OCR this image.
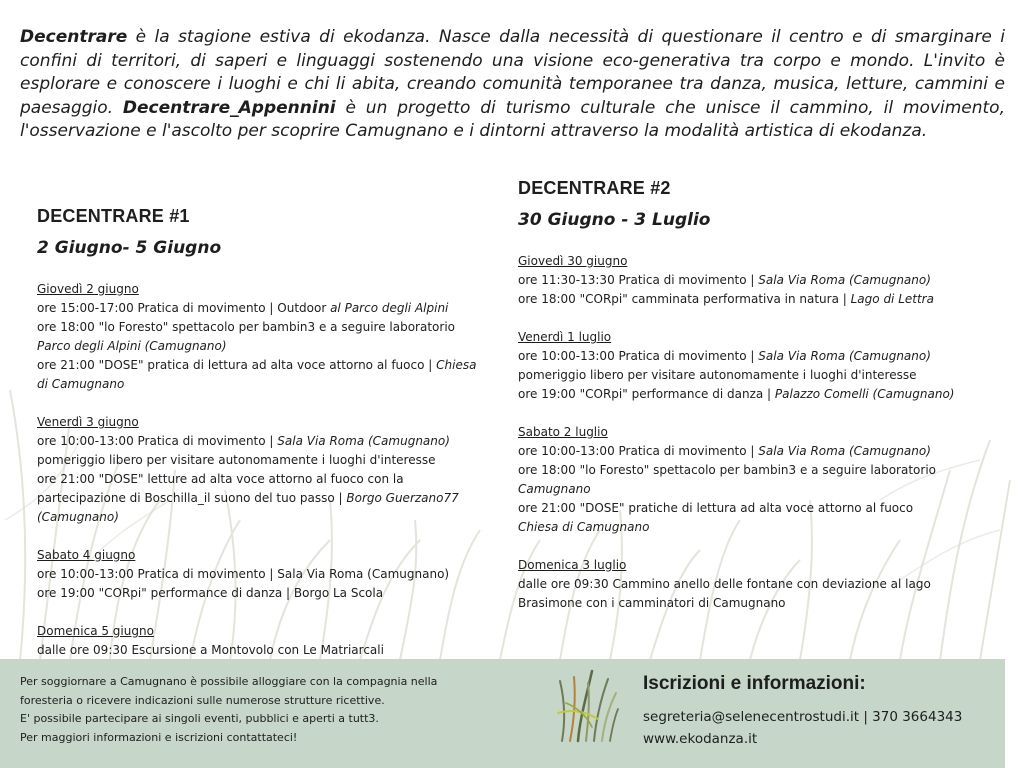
Decentrare è la stagione estiva di ekodanza. Nasce dalla necessità di questionare il centro e di smarginare i confini di territori, di saperi e linguaggi sostenendo una visione eco-generativa tra corpo e mondo. L'invito è esplorare e conoscere i luoghi e chi li abita, creando comunità temporanee tra danza, musica, letture, cammini e paesaggio. Decentrare_Appennini è un progetto di turismo culturale che unisce il cammino, il movimento, l'osservazione e l'ascolto per scoprire Camugnano e i dintorni attraverso la modalità artistica di ekodanza.

DECENTRARE #1
2 Giugno- 5 Giugno
Giovedì 2 giugno
ore 15:00-17:00 Pratica di movimento | Outdoor al Parco degli Alpini
ore 18:00 "lo Foresto" spettacolo per bambin3 e a seguire laboratorio
Parco degli Alpini (Camugnano)
ore 21:00 "DOSE" pratica di lettura ad alta voce attorno al fuoco | Chiesa
di Camugnano
Venerdì 3 giugno
ore 10:00-13:00 Pratica di movimento | Sala Via Roma (Camugnano)
pomeriggio libero per visitare autonomamente i luoghi d'interesse
ore 21:00 "DOSE" letture ad alta voce attorno al fuoco con la
partecipazione di Boschilla_il suono del tuo passo | Borgo Guerzano77
(Camugnano)
Sabato 4 giugno
ore 10:00-13:00 Pratica di movimento | Sala Via Roma (Camugnano)
ore 19:00 "CORpi" performance di danza | Borgo La Scola
Domenica 5 giugno
dalle ore 09:30 Escursione a Montovolo con Le Matriarcali
DECENTRARE #2
30 Giugno - 3 Luglio
Giovedì 30 giugno
ore 11:30-13:30 Pratica di movimento | Sala Via Roma (Camugnano)
ore 18:00 "CORpi" camminata performativa in natura | Lago di Lettra
Venerdì 1 luglio
ore 10:00-13:00 Pratica di movimento | Sala Via Roma (Camugnano)
pomeriggio libero per visitare autonomamente i luoghi d'interesse
ore 19:00 "CORpi" performance di danza | Palazzo Comelli (Camugnano)
Sabato 2 luglio
ore 10:00-13:00 Pratica di movimento | Sala Via Roma (Camugnano)
ore 18:00 "lo Foresto" spettacolo per bambin3 e a seguire laboratorio
Camugnano
ore 21:00 "DOSE" pratiche di lettura ad alta voce attorno al fuoco
Chiesa di Camugnano
Domenica 3 luglio
dalle ore 09:30 Cammino anello delle fontane con deviazione al lago
Brasimone con i camminatori di Camugnano
Per soggiornare a Camugnano è possibile alloggiare con la compagnia nella
foresteria o ricevere indicazioni sulle numerose strutture ricettive.
E' possibile partecipare ai singoli eventi, pubblici e aperti a tutt3.
Per maggiori informazioni e iscrizioni contattateci!
Iscrizioni e informazioni:
segreteria@selenecentrostudi.it | 370 3664343
www.ekodanza.it
